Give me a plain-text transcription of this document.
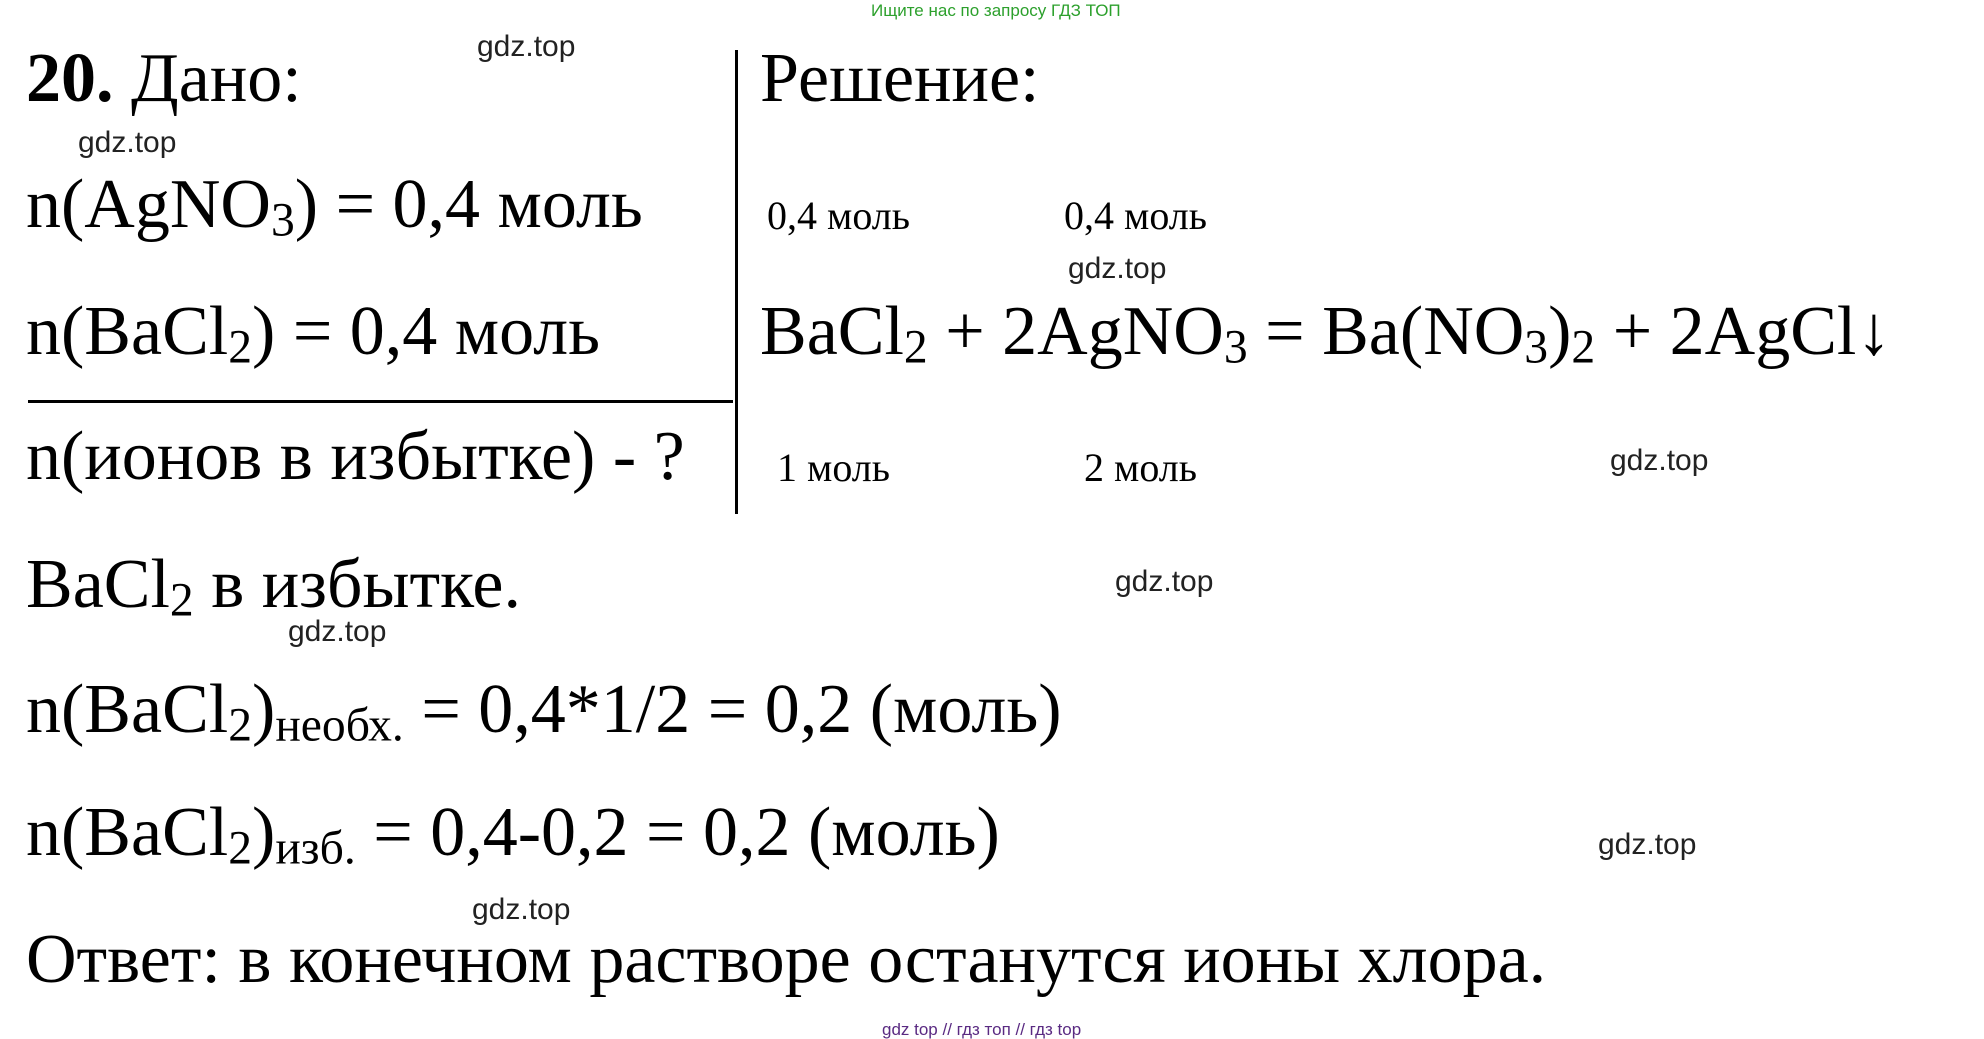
Ищите нас по запросу ГДЗ ТОП
20. Дано:
n(AgNO$_3$) = 0,4 моль
n(BaCl$_2$) = 0,4 моль
n(ионов в избытке) - ?
Решение:
0,4 моль	0,4 моль
BaCl$_2$ + 2AgNO$_3$ = $Ba(NO_3)_2$ + 2AgCl↓
1 моль	2 моль
BaCl$_2$ в избытке.
$n(BaCl_2)_{необх.} = 0,4*1/2 = 0,2$ (моль)
$n(BaCl_2)_{изб.} = 0,4-0,2 = 0,2$ (моль)
Ответ: в конечном растворе останутся ионы хлора.
gdz.top
gdz.top
gdz.top
gdz.top
gdz.top
gdz.top
gdz.top
gdz.top
gdz top // гдз топ // гдз top
